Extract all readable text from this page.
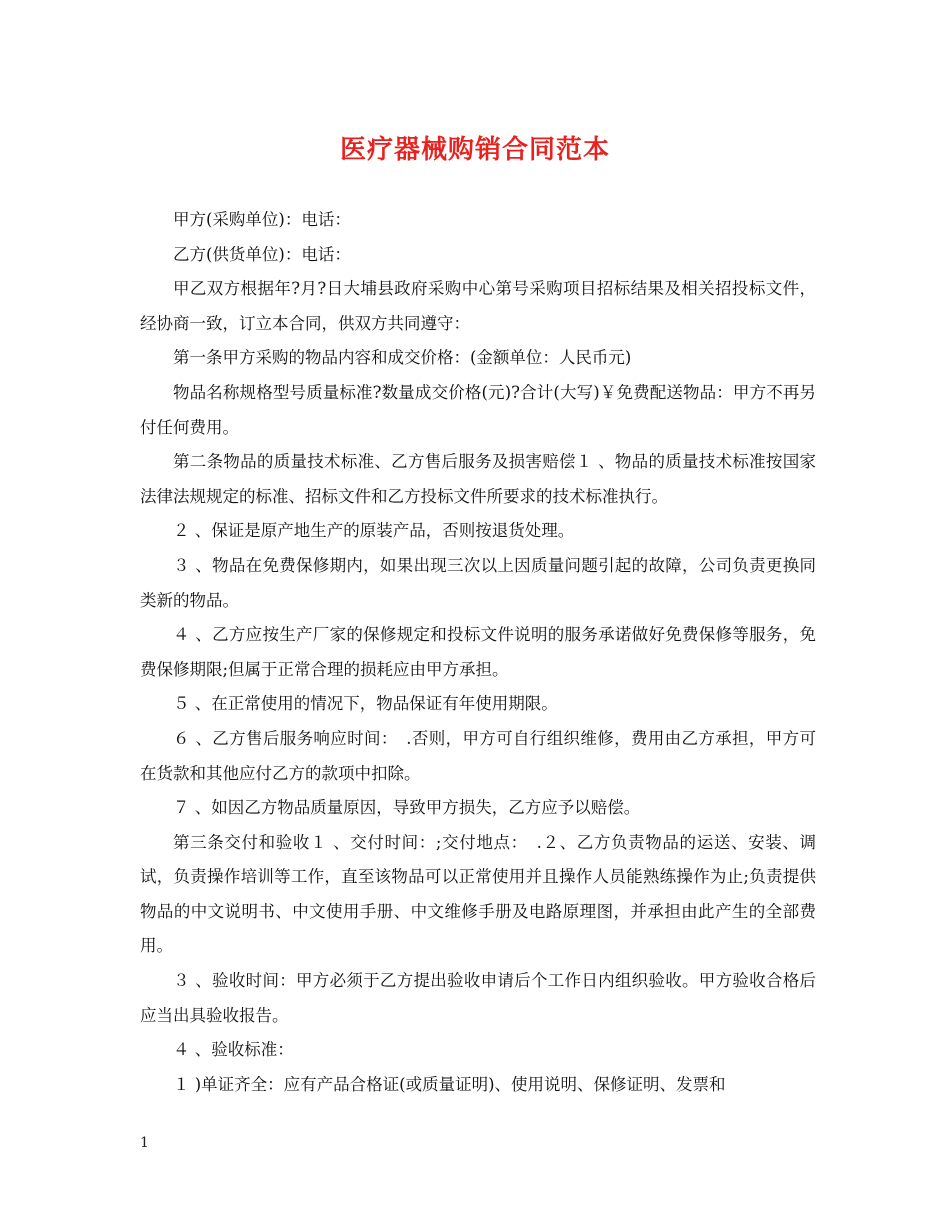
医疗器械购销合同范本

甲方(采购单位)：电话：

乙方(供货单位)：电话：

甲乙双方根据年?月?日大埔县政府采购中心第号采购项目招标结果及相关招投标文件，经协商一致，订立本合同，供双方共同遵守：

第一条甲方采购的物品内容和成交价格：(金额单位：人民币元)

物品名称规格型号质量标准?数量成交价格(元)?合计(大写)￥免费配送物品：甲方不再另付任何费用。

第二条物品的质量技术标准、乙方售后服务及损害赔偿１ 、物品的质量技术标准按国家法律法规规定的标准、招标文件和乙方投标文件所要求的技术标准执行。

２ 、保证是原产地生产的原装产品，否则按退货处理。

３ 、物品在免费保修期内，如果出现三次以上因质量问题引起的故障，公司负责更换同类新的物品。

４ 、乙方应按生产厂家的保修规定和投标文件说明的服务承诺做好免费保修等服务，免费保修期限;但属于正常合理的损耗应由甲方承担。

５ 、在正常使用的情况下，物品保证有年使用期限。

６ 、乙方售后服务响应时间：　.否则，甲方可自行组织维修，费用由乙方承担，甲方可在货款和其他应付乙方的款项中扣除。

７ 、如因乙方物品质量原因，导致甲方损失，乙方应予以赔偿。

第三条交付和验收１ 、交付时间：;交付地点：　.２、乙方负责物品的运送、安装、调试，负责操作培训等工作，直至该物品可以正常使用并且操作人员能熟练操作为止;负责提供物品的中文说明书、中文使用手册、中文维修手册及电路原理图，并承担由此产生的全部费用。

３ 、验收时间：甲方必须于乙方提出验收申请后个工作日内组织验收。甲方验收合格后应当出具验收报告。

４ 、验收标准：

１ )单证齐全：应有产品合格证(或质量证明)、使用说明、保修证明、发票和

1
